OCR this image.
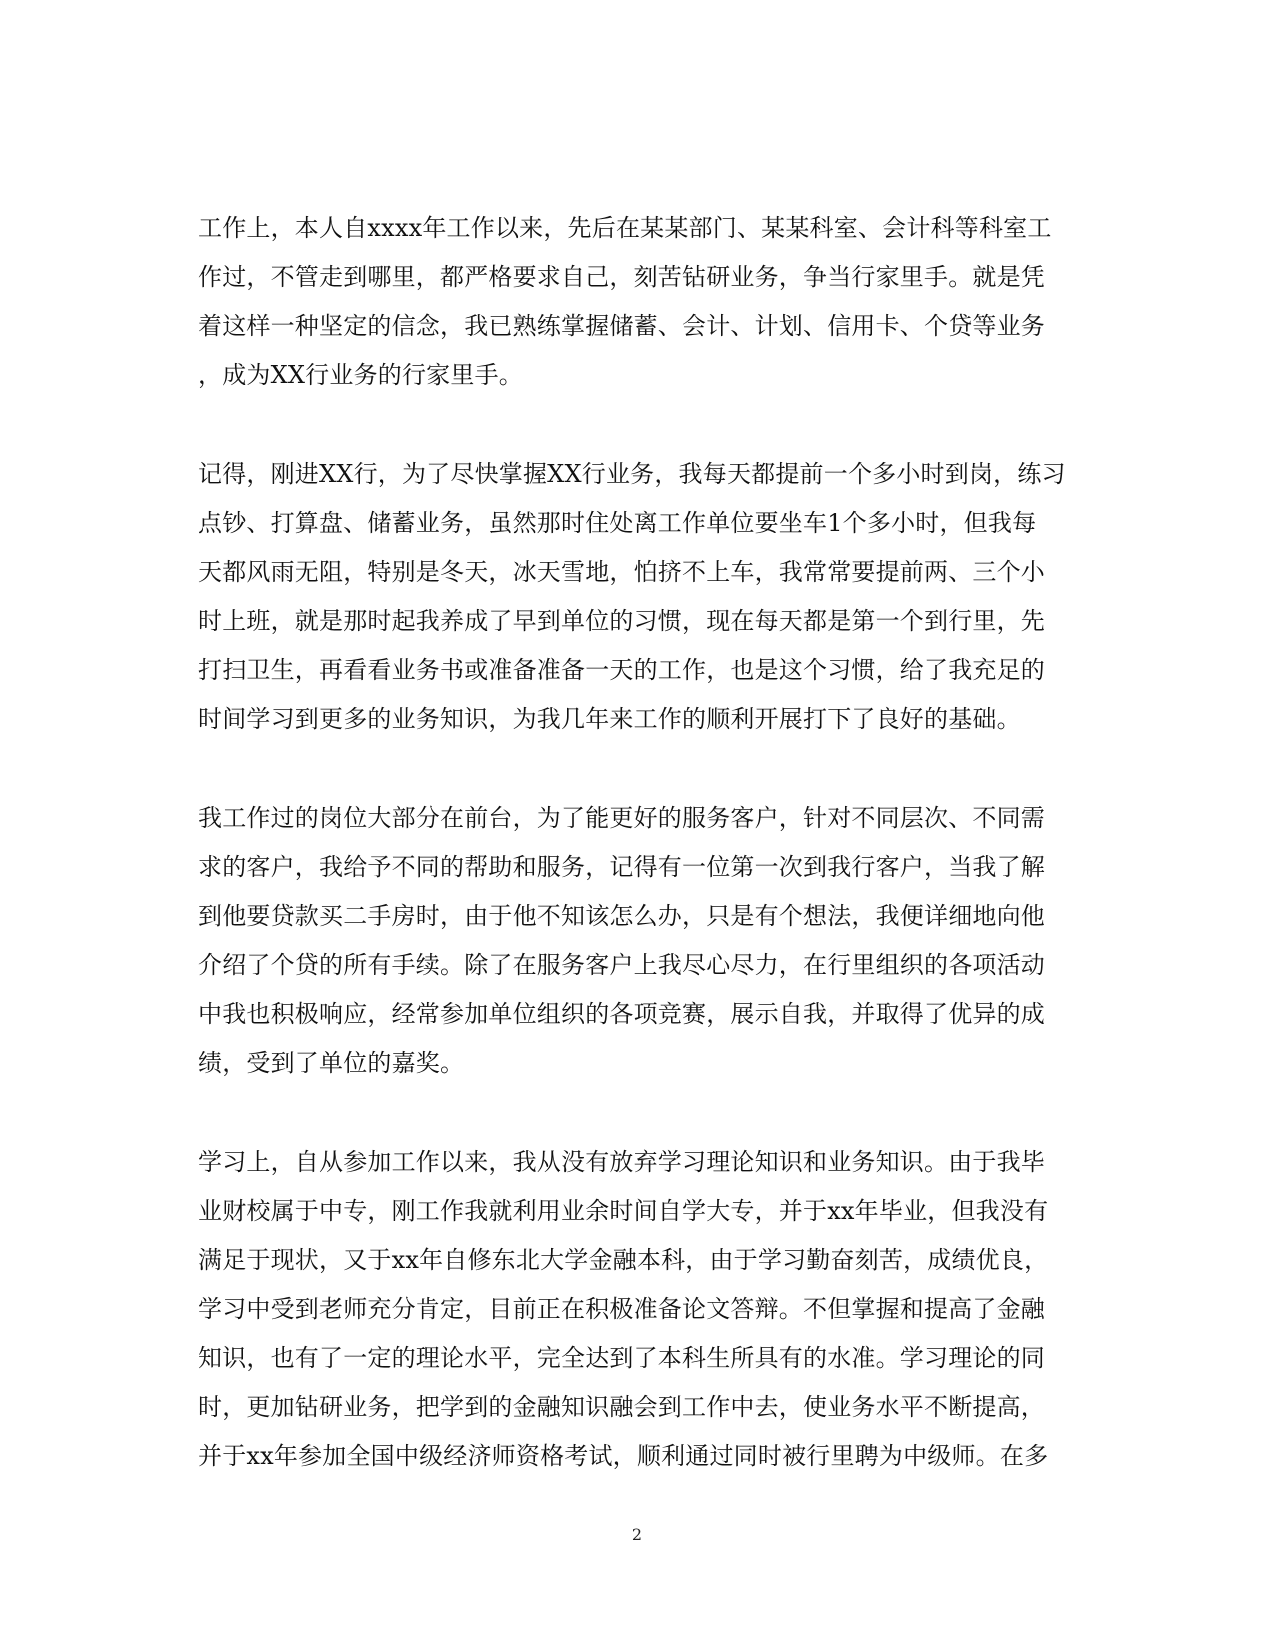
工作上，本人自xxxx年工作以来，先后在某某部门、某某科室、会计科等科室工
作过，不管走到哪里，都严格要求自己，刻苦钻研业务，争当行家里手。就是凭
着这样一种坚定的信念，我已熟练掌握储蓄、会计、计划、信用卡、个贷等业务
，成为XX行业务的行家里手。

记得，刚进XX行，为了尽快掌握XX行业务，我每天都提前一个多小时到岗，练习
点钞、打算盘、储蓄业务，虽然那时住处离工作单位要坐车1个多小时，但我每
天都风雨无阻，特别是冬天，冰天雪地，怕挤不上车，我常常要提前两、三个小
时上班，就是那时起我养成了早到单位的习惯，现在每天都是第一个到行里，先
打扫卫生，再看看业务书或准备准备一天的工作，也是这个习惯，给了我充足的
时间学习到更多的业务知识，为我几年来工作的顺利开展打下了良好的基础。

我工作过的岗位大部分在前台，为了能更好的服务客户，针对不同层次、不同需
求的客户，我给予不同的帮助和服务，记得有一位第一次到我行客户，当我了解
到他要贷款买二手房时，由于他不知该怎么办，只是有个想法，我便详细地向他
介绍了个贷的所有手续。除了在服务客户上我尽心尽力，在行里组织的各项活动
中我也积极响应，经常参加单位组织的各项竞赛，展示自我，并取得了优异的成
绩，受到了单位的嘉奖。

学习上，自从参加工作以来，我从没有放弃学习理论知识和业务知识。由于我毕
业财校属于中专，刚工作我就利用业余时间自学大专，并于xx年毕业，但我没有
满足于现状，又于xx年自修东北大学金融本科，由于学习勤奋刻苦，成绩优良，
学习中受到老师充分肯定，目前正在积极准备论文答辩。不但掌握和提高了金融
知识，也有了一定的理论水平，完全达到了本科生所具有的水准。学习理论的同
时，更加钻研业务，把学到的金融知识融会到工作中去，使业务水平不断提高，
并于xx年参加全国中级经济师资格考试，顺利通过同时被行里聘为中级师。在多

2
